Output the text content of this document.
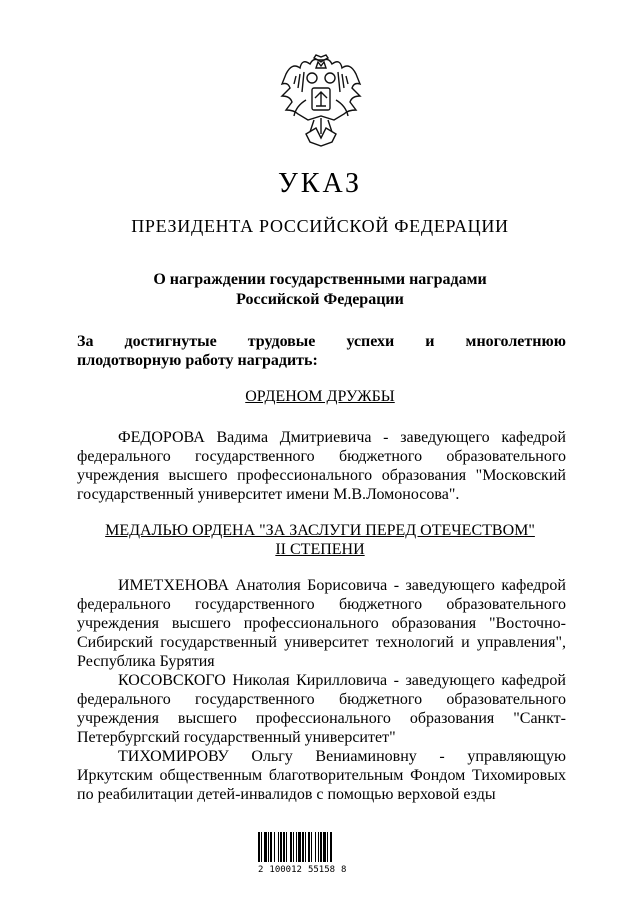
УКАЗ
ПРЕЗИДЕНТА РОССИЙСКОЙ ФЕДЕРАЦИИ
О награждении государственными наградами
Российской Федерации
За достигнутые трудовые успехи и многолетнюю
плодотворную работу наградить:
ОРДЕНОМ ДРУЖБЫ
ФЕДОРОВА Вадима Дмитриевича - заведующего кафедрой
федерального государственного бюджетного образовательного
учреждения высшего профессионального образования "Московский
государственный университет имени М.В.Ломоносова".
МЕДАЛЬЮ ОРДЕНА "ЗА ЗАСЛУГИ ПЕРЕД ОТЕЧЕСТВОМ"
II СТЕПЕНИ
ИМЕТХЕНОВА Анатолия Борисовича - заведующего кафедрой
федерального государственного бюджетного образовательного
учреждения высшего профессионального образования "Восточно-
Сибирский государственный университет технологий и управления",
Республика Бурятия
КОСОВСКОГО Николая Кирилловича - заведующего кафедрой
федерального государственного бюджетного образовательного
учреждения высшего профессионального образования "Санкт-
Петербургский государственный университет"
ТИХОМИРОВУ Ольгу Вениаминовну - управляющую
Иркутским общественным благотворительным Фондом Тихомировых
по реабилитации детей-инвалидов с помощью верховой езды
2 100012 55158 8
